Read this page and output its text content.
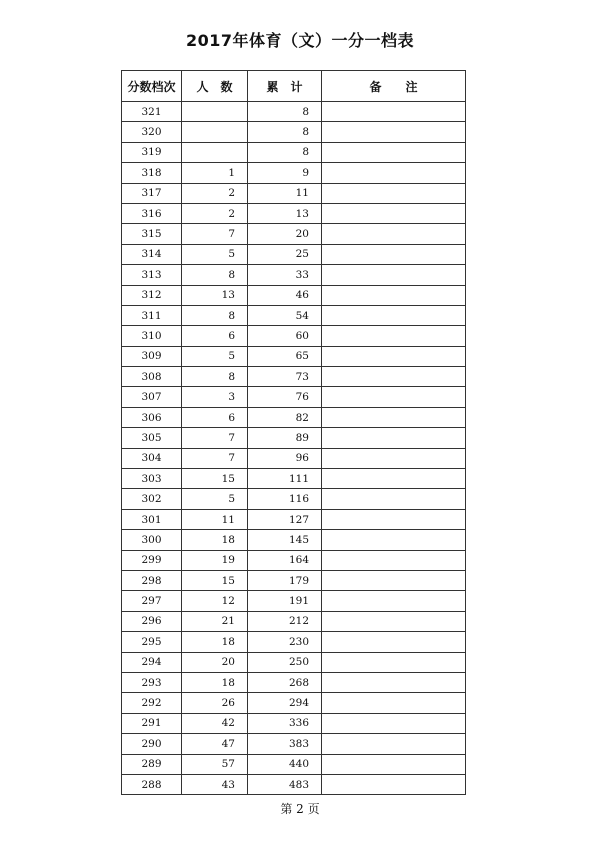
2017年体育（文）一分一档表
分数档次	人　数	累　计	备　　注
321		8	
320		8	
319		8	
318	1	9	
317	2	11	
316	2	13	
315	7	20	
314	5	25	
313	8	33	
312	13	46	
311	8	54	
310	6	60	
309	5	65	
308	8	73	
307	3	76	
306	6	82	
305	7	89	
304	7	96	
303	15	111	
302	5	116	
301	11	127	
300	18	145	
299	19	164	
298	15	179	
297	12	191	
296	21	212	
295	18	230	
294	20	250	
293	18	268	
292	26	294	
291	42	336	
290	47	383	
289	57	440	
288	43	483	
第 2 页
